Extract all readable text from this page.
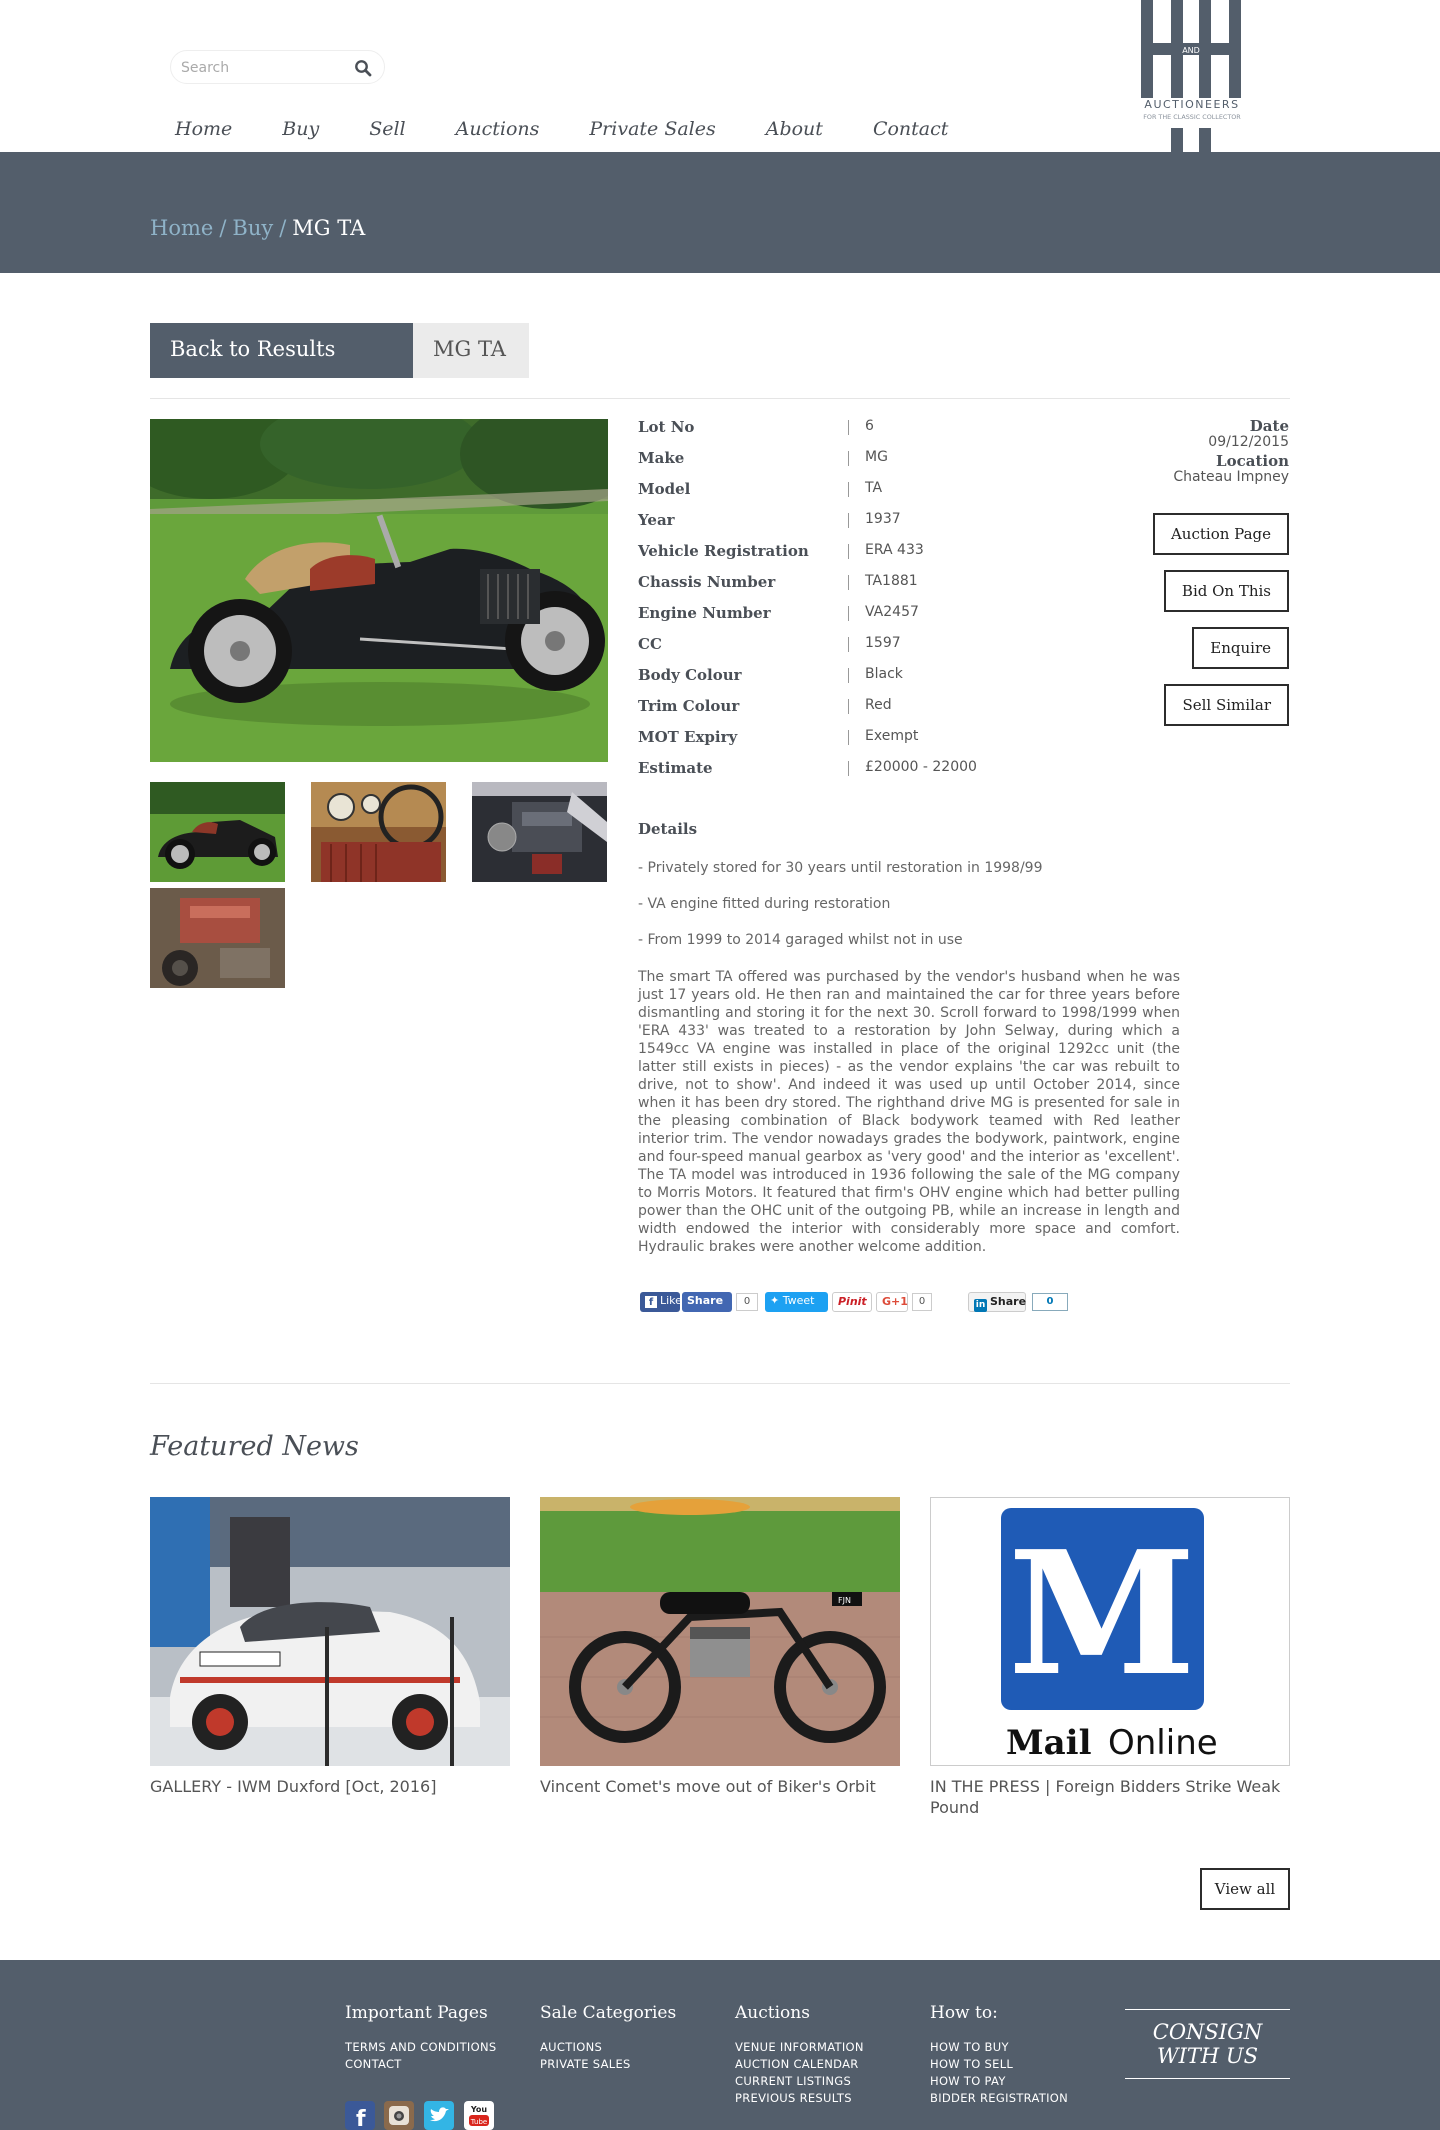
Search
Home	Buy	Sell	Auctions	Private Sales	About	Contact
AND
AUCTIONEERS
FOR THE CLASSIC COLLECTOR
Home / Buy / MG TA
Back to Results	MG TA
Lot No	6
Make	MG
Model	TA
Year	1937
Vehicle Registration	ERA 433
Chassis Number	TA1881
Engine Number	VA2457
CC	1597
Body Colour	Black
Trim Colour	Red
MOT Expiry	Exempt
Estimate	£20000 - 22000
Date
09/12/2015
Location
Chateau Impney
Auction Page
Bid On This
Enquire
Sell Similar
Details
- Privately stored for 30 years until restoration in 1998/99
- VA engine fitted during restoration
- From 1999 to 2014 garaged whilst not in use
The smart TA offered was purchased by the vendor's husband when he was just 17 years old. He then ran and maintained the car for three years before dismantling and storing it for the next 30. Scroll forward to 1998/1999 when 'ERA 433' was treated to a restoration by John Selway, during which a 1549cc VA engine was installed in place of the original 1292cc unit (the latter still exists in pieces) - as the vendor explains 'the car was rebuilt to drive, not to show'. And indeed it was used up until October 2014, since when it has been dry stored. The righthand drive MG is presented for sale in the pleasing combination of Black bodywork teamed with Red leather interior trim. The vendor nowadays grades the bodywork, paintwork, engine and four-speed manual gearbox as 'very good' and the interior as 'excellent'. The TA model was introduced in 1936 following the sale of the MG company to Morris Motors. It featured that firm's OHV engine which had better pulling power than the OHC unit of the outgoing PB, while an increase in length and width endowed the interior with considerably more space and comfort. Hydraulic brakes were another welcome addition.
f Like Share	0	✦ Tweet	Pinit	G+1	0	in Share	0
Featured News
GALLERY - IWM Duxford [Oct, 2016]
FJN
Vincent Comet's move out of Biker's Orbit
M
Mail Online
IN THE PRESS | Foreign Bidders Strike Weak Pound
View all
Important Pages
TERMS AND CONDITIONS
CONTACT
Sale Categories
AUCTIONS
PRIVATE SALES
Auctions
VENUE INFORMATION
AUCTION CALENDAR
CURRENT LISTINGS
PREVIOUS RESULTS
How to:
HOW TO BUY
HOW TO SELL
HOW TO PAY
BIDDER REGISTRATION
CONSIGN
WITH US
f	You
Tube
